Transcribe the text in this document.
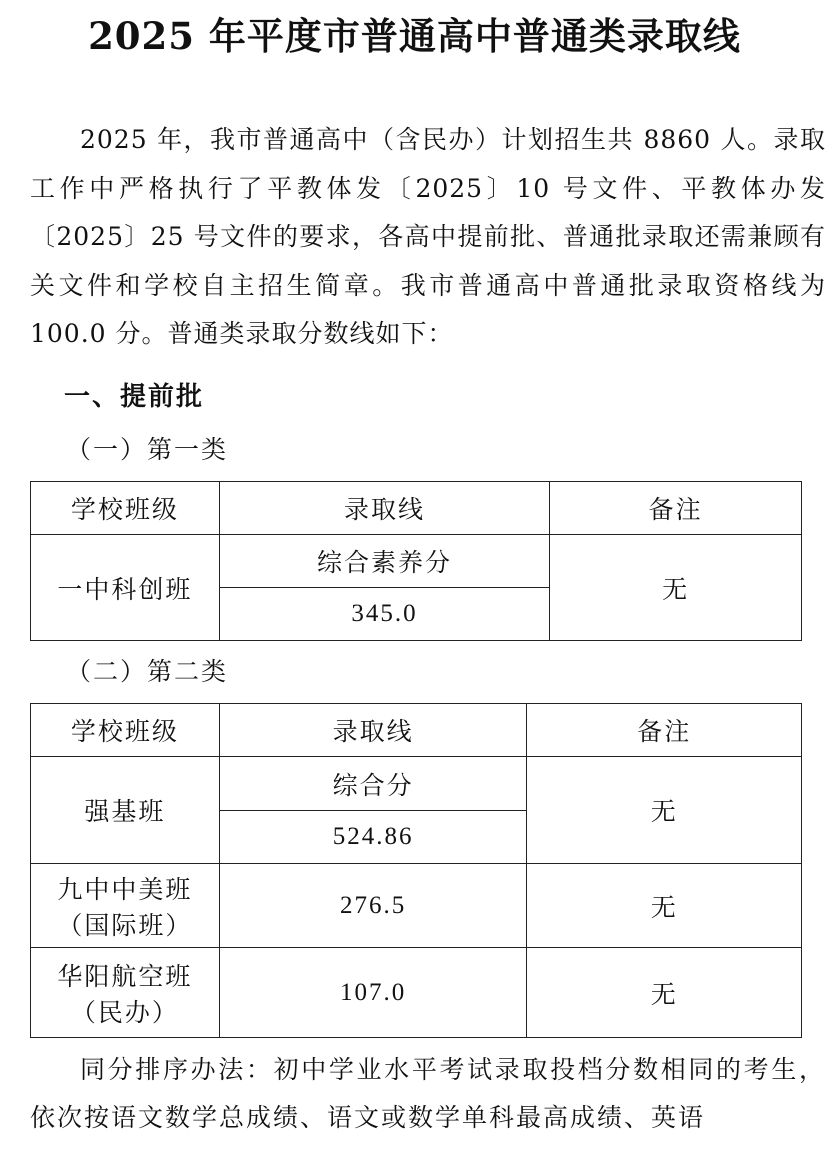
2025 年平度市普通高中普通类录取线
2025 年，我市普通高中（含民办）计划招生共 8860 人。录取工作中严格执行了平教体发〔2025〕10 号文件、平教体办发〔2025〕25 号文件的要求，各高中提前批、普通批录取还需兼顾有关文件和学校自主招生简章。我市普通高中普通批录取资格线为 100.0 分。普通类录取分数线如下：
一、提前批
（一）第一类
学校班级	录取线	备注
一中科创班	综合素养分	无
	345.0	
（二）第二类
学校班级	录取线	备注
强基班	综合分	无
	524.86	

九中中美班
（国际班）	276.5	无

华阳航空班
（民办）	107.0	无
同分排序办法：初中学业水平考试录取投档分数相同的考生，依次按语文数学总成绩、语文或数学单科最高成绩、英语
